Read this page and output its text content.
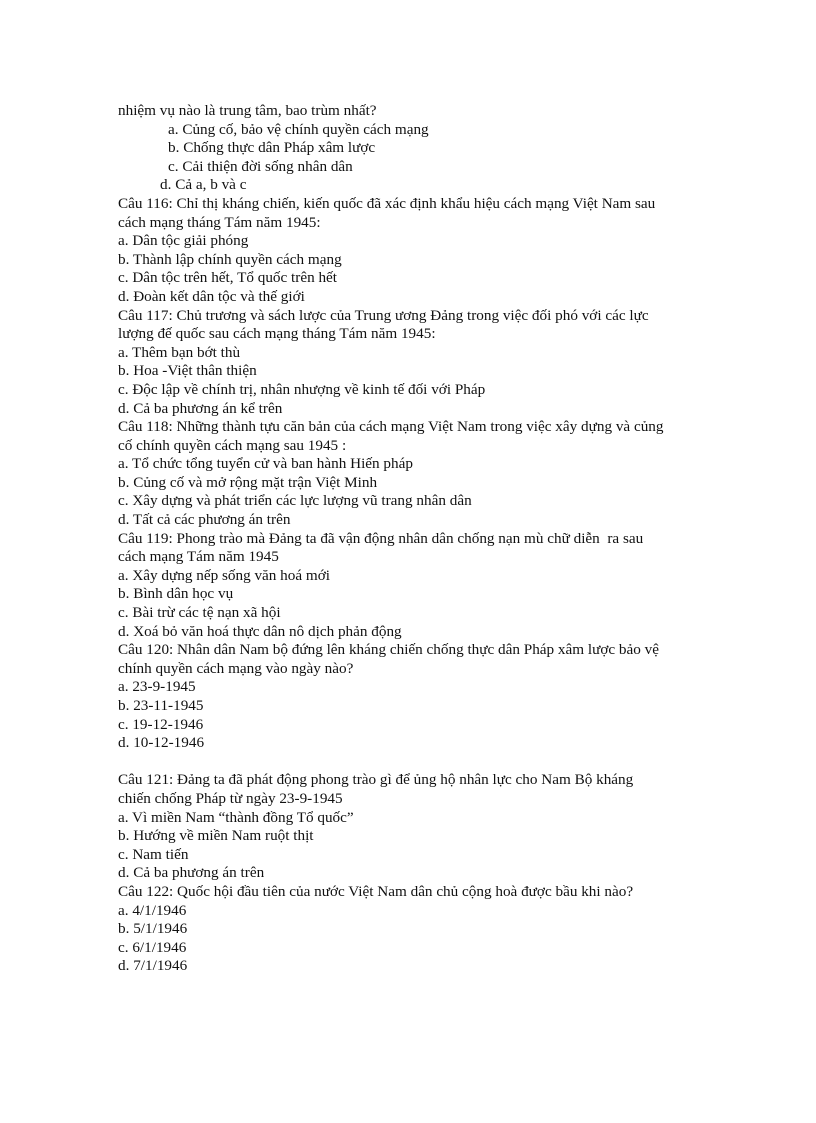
nhiệm vụ nào là trung tâm, bao trùm nhất?
a. Củng cố, bảo vệ chính quyền cách mạng
b. Chống thực dân Pháp xâm lược
c. Cải thiện đời sống nhân dân
d. Cả a, b và c
Câu 116: Chỉ thị kháng chiến, kiến quốc đã xác định khẩu hiệu cách mạng Việt Nam sau
cách mạng tháng Tám năm 1945:
a. Dân tộc giải phóng
b. Thành lập chính quyền cách mạng
c. Dân tộc trên hết, Tổ quốc trên hết
d. Đoàn kết dân tộc và thế giới
Câu 117: Chủ trương và sách lược của Trung ương Đảng trong việc đối phó với các lực
lượng đế quốc sau cách mạng tháng Tám năm 1945:
a. Thêm bạn bớt thù
b. Hoa -Việt thân thiện
c. Độc lập về chính trị, nhân nhượng về kinh tế đối với Pháp
d. Cả ba phương án kể trên
Câu 118: Những thành tựu căn bản của cách mạng Việt Nam trong việc xây dựng và củng
cố chính quyền cách mạng sau 1945 :
a. Tổ chức tổng tuyển cử và ban hành Hiến pháp
b. Củng cố và mở rộng mặt trận Việt Minh
c. Xây dựng và phát triển các lực lượng vũ trang nhân dân
d. Tất cả các phương án trên
Câu 119: Phong trào mà Đảng ta đã vận động nhân dân chống nạn mù chữ diễn  ra sau
cách mạng Tám năm 1945
a. Xây dựng nếp sống văn hoá mới
b. Bình dân học vụ
c. Bài trừ các tệ nạn xã hội
d. Xoá bỏ văn hoá thực dân nô dịch phản động
Câu 120: Nhân dân Nam bộ đứng lên kháng chiến chống thực dân Pháp xâm lược bảo vệ
chính quyền cách mạng vào ngày nào?
a. 23-9-1945
b. 23-11-1945
c. 19-12-1946
d. 10-12-1946
Câu 121: Đảng ta đã phát động phong trào gì để ủng hộ nhân lực cho Nam Bộ kháng
chiến chống Pháp từ ngày 23-9-1945
a. Vì miền Nam “thành đồng Tổ quốc”
b. Hướng về miền Nam ruột thịt
c. Nam tiến
d. Cả ba phương án trên
Câu 122: Quốc hội đầu tiên của nước Việt Nam dân chủ cộng hoà được bầu khi nào?
a. 4/1/1946
b. 5/1/1946
c. 6/1/1946
d. 7/1/1946
